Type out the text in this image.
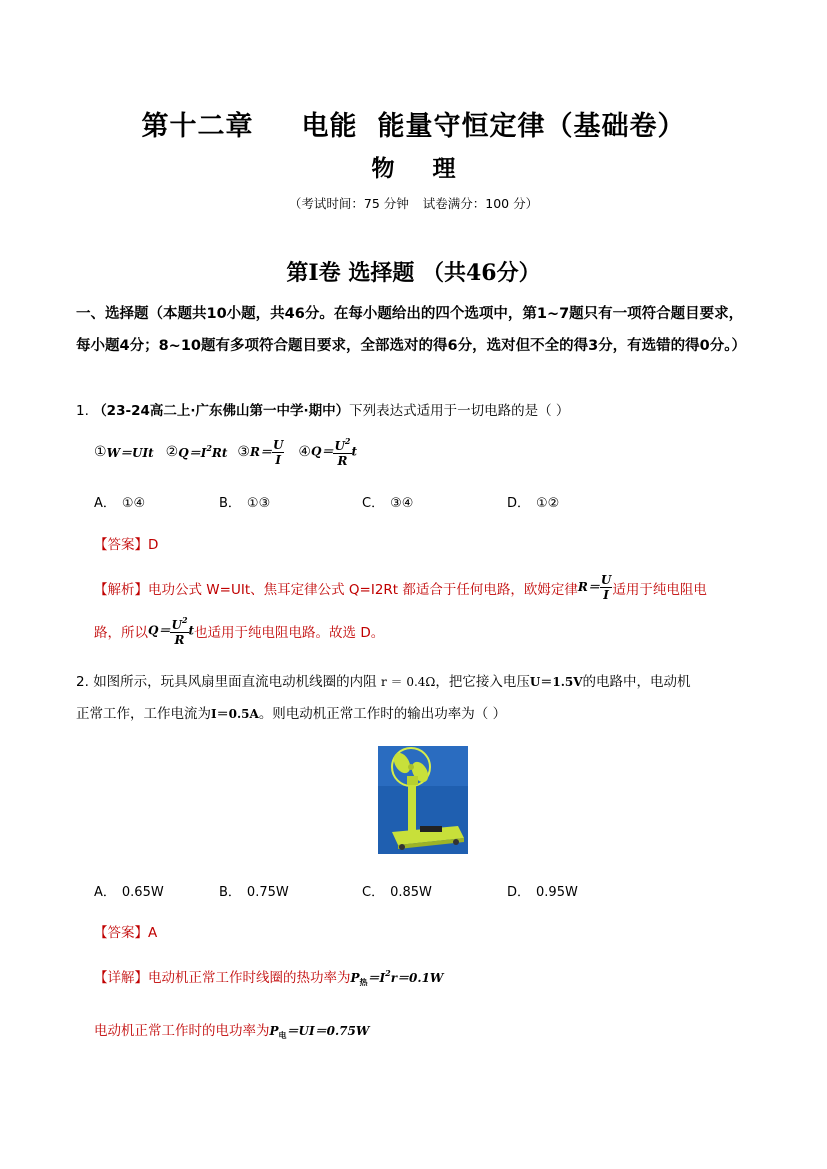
第十二章 电能 能量守恒定律（基础卷）
物 理
（考试时间：75 分钟 试卷满分：100 分）
第Ⅰ卷 选择题 （共46分）
一、选择题（本题共10小题，共46分。在每小题给出的四个选项中，第1~7题只有一项符合题目要求，每小题4分；8~10题有多项符合题目要求，全部选对的得6分，选对但不全的得3分，有选错的得0分。）
1. （23-24高二上·广东佛山第一中学·期中）下列表达式适用于一切电路的是（ ）
① W＝UIt ② $Q=I^2Rt$ ③ $R= \frac{U}{I}$ ④ $Q= \frac{U^2}{R}$ t
A． ①④	B． ①③	C． ③④	D． ①②
【答案】D
【解析】 电功公式 W=UIt、焦耳定律公式 Q=I2Rt 都适合于任何电路，欧姆定律 $R= \frac{U}{I}$ 适用于纯电阻电
路，所以 $Q= \frac{U^2}{R}$ t 也适用于纯电阻电路。故选 D。
2. 如图所示，玩具风扇里面直流电动机线圈的内阻 r ＝ 0.4Ω，把它接入电压U＝1.5V的电路中，电动机
正常工作，工作电流为I＝0.5A。则电动机正常工作时的输出功率为（ ）
A． 0.65W	B． 0.75W	C． 0.85W	D． 0.95W
【答案】A
【详解】电动机正常工作时线圈的热功率为$P_热=I^2r=0.1W$
电动机正常工作时的电功率为$P_电=UI=0.75W$
